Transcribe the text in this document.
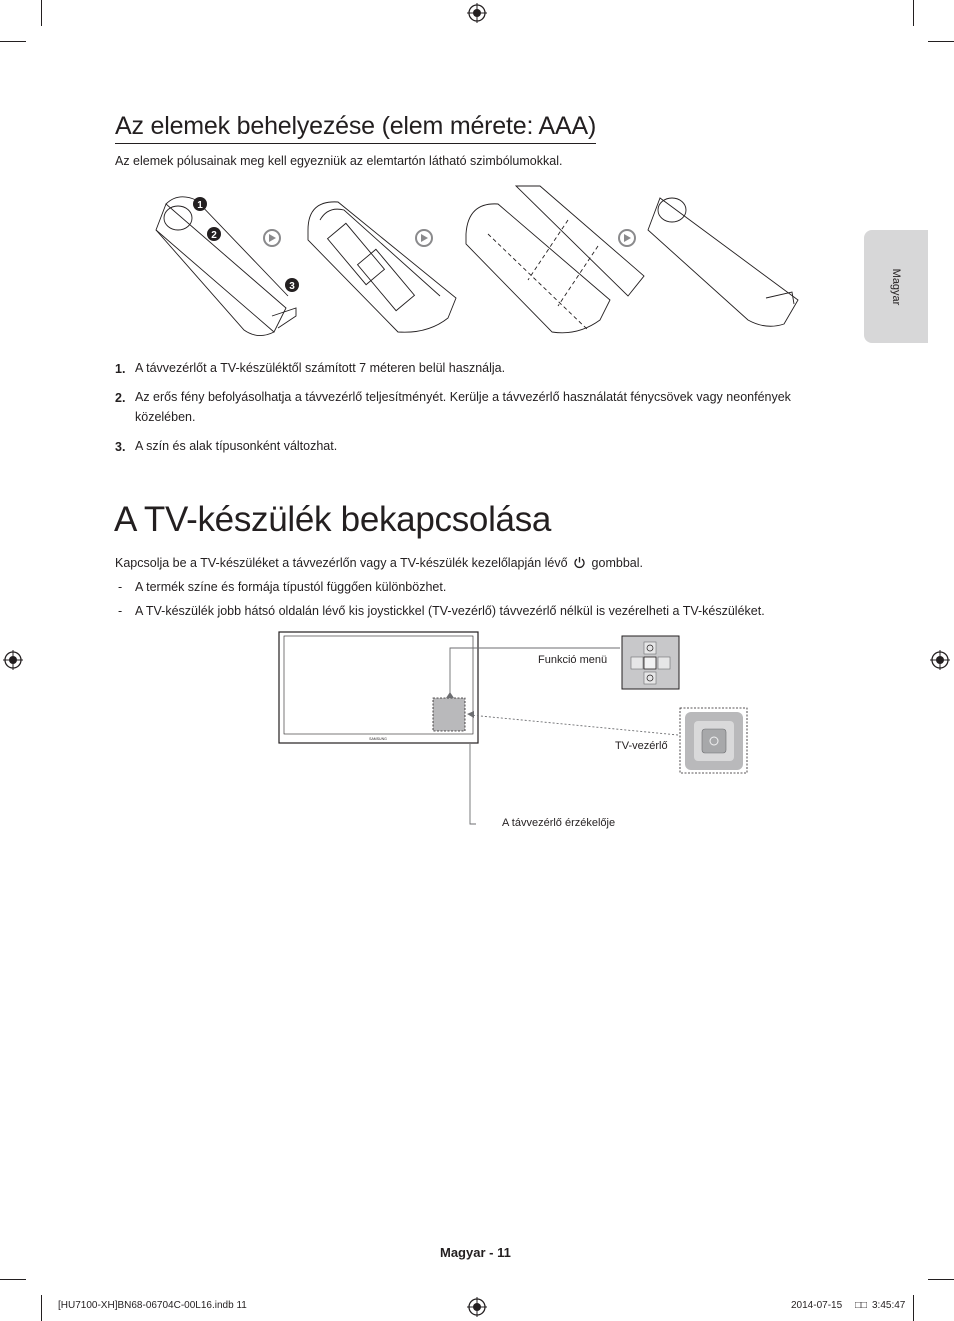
Magyar
Az elemek behelyezése (elem mérete: AAA)
Az elemek pólusainak meg kell egyezniük az elemtartón látható szimbólumokkal.
1
2
3
1. A távvezérlőt a TV-készüléktől számított 7 méteren belül használja.
2. Az erős fény befolyásolhatja a távvezérlő teljesítményét. Kerülje a távvezérlő használatát fénycsövek vagy neonfények közelében.
3. A szín és alak típusonként változhat.
A TV-készülék bekapcsolása
Kapcsolja be a TV-készüléket a távvezérlőn vagy a TV-készülék kezelőlapján lévő gombbal.
- A termék színe és formája típustól függően különbözhet.
- A TV-készülék jobb hátsó oldalán lévő kis joystickkel (TV-vezérlő) távvezérlő nélkül is vezérelheti a TV-készüléket.
SAMSUNG
Funkció menü
TV-vezérlő
A távvezérlő érzékelője
Magyar - 11
[HU7100-XH]BN68-06704C-00L16.indb 11	2014-07-15 □□ 3:45:47
